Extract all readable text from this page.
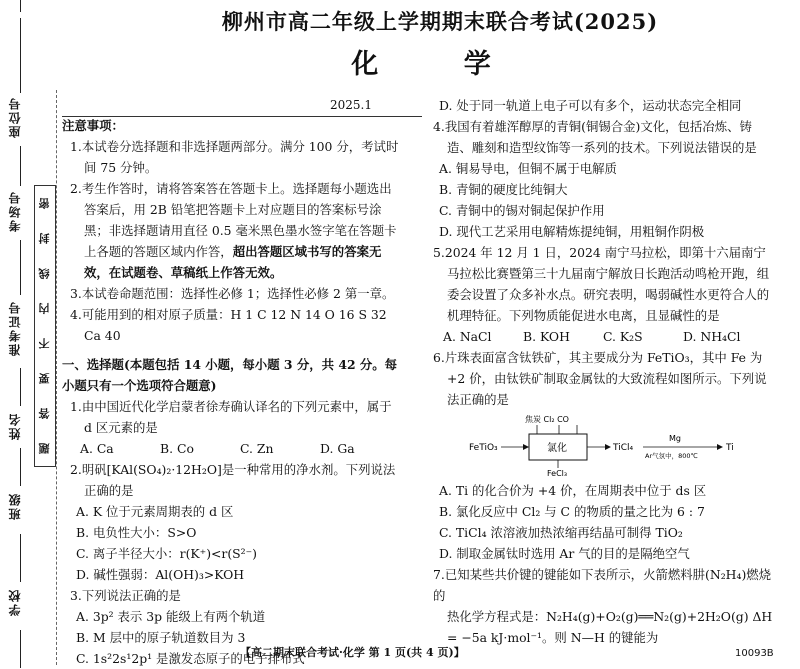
座位号
考场号
准考证号
姓名
班级
学校
题
答
要
不
内
线
封
密
柳州市高二年级上学期期末联合考试(2025)
化 学
2025.1

注意事项：

1.本试卷分选择题和非选择题两部分。满分 100 分，考试时间 75 分钟。

2.考生作答时，请将答案答在答题卡上。选择题每小题选出答案后，用 2B 铅笔把答题卡上对应题目的答案标号涂黑；非选择题请用直径 0.5 毫米黑色墨水签字笔在答题卡上各题的答题区域内作答，超出答题区域书写的答案无效，在试题卷、草稿纸上作答无效。

3.本试卷命题范围：选择性必修 1；选择性必修 2 第一章。

4.可能用到的相对原子质量：H 1 C 12 N 14 O 16 S 32 Ca 40

一、选择题(本题包括 14 小题，每小题 3 分，共 42 分。每小题只有一个选项符合题意)

1.由中国近代化学启蒙者徐寿确认译名的下列元素中，属于 d 区元素的是

A. Ca	B. Co	C. Zn	D. Ga

2.明矾[KAl(SO₄)₂·12H₂O]是一种常用的净水剂。下列说法正确的是

A. K 位于元素周期表的 d 区

B. 电负性大小：S>O

C. 离子半径大小：r(K⁺)<r(S²⁻)

D. 碱性强弱：Al(OH)₃>KOH

3.下列说法正确的是

A. 3p² 表示 3p 能级上有两个轨道

B. M 层中的原子轨道数目为 3

C. 1s²2s¹2p¹ 是激发态原子的电子排布式

D. 处于同一轨道上电子可以有多个，运动状态完全相同

4.我国有着雄浑醇厚的青铜(铜锡合金)文化，包括冶炼、铸造、雕刻和造型纹饰等一系列的技术。下列说法错误的是

A. 铜易导电，但铜不属于电解质

B. 青铜的硬度比纯铜大

C. 青铜中的锡对铜起保护作用

D. 现代工艺采用电解精炼提纯铜，用粗铜作阴极

5.2024 年 12 月 1 日，2024 南宁马拉松，即第十六届南宁马拉松比赛暨第三十九届南宁解放日长跑活动鸣枪开跑，组委会设置了众多补水点。研究表明，喝弱碱性水更符合人的机理特征。下列物质能促进水电离，且显碱性的是

A. NaCl	B. KOH	C. K₂S	D. NH₄Cl

6.片珠表面富含钛铁矿，其主要成分为 FeTiO₃，其中 Fe 为 +2 价，由钛铁矿制取金属钛的大致流程如图所示。下列说法正确的是

焦炭 Cl₂ CO
FeTiO₃	氯化	TiCl₄
Mg
Ar气氛中，800℃
Ti
FeCl₃

A. Ti 的化合价为 +4 价，在周期表中位于 ds 区

B. 氯化反应中 Cl₂ 与 C 的物质的量之比为 6 : 7

C. TiCl₄ 浓溶液加热浓缩再结晶可制得 TiO₂

D. 制取金属钛时选用 Ar 气的目的是隔绝空气

7.已知某些共价键的键能如下表所示，火箭燃料肼(N₂H₄)燃烧的

热化学方程式是：N₂H₄(g)+O₂(g)══N₂(g)+2H₂O(g) ΔH

= −5a kJ·mol⁻¹。则 N—H 的键能为

【高二期末联合考试·化学 第 1 页(共 4 页)】	10093B
